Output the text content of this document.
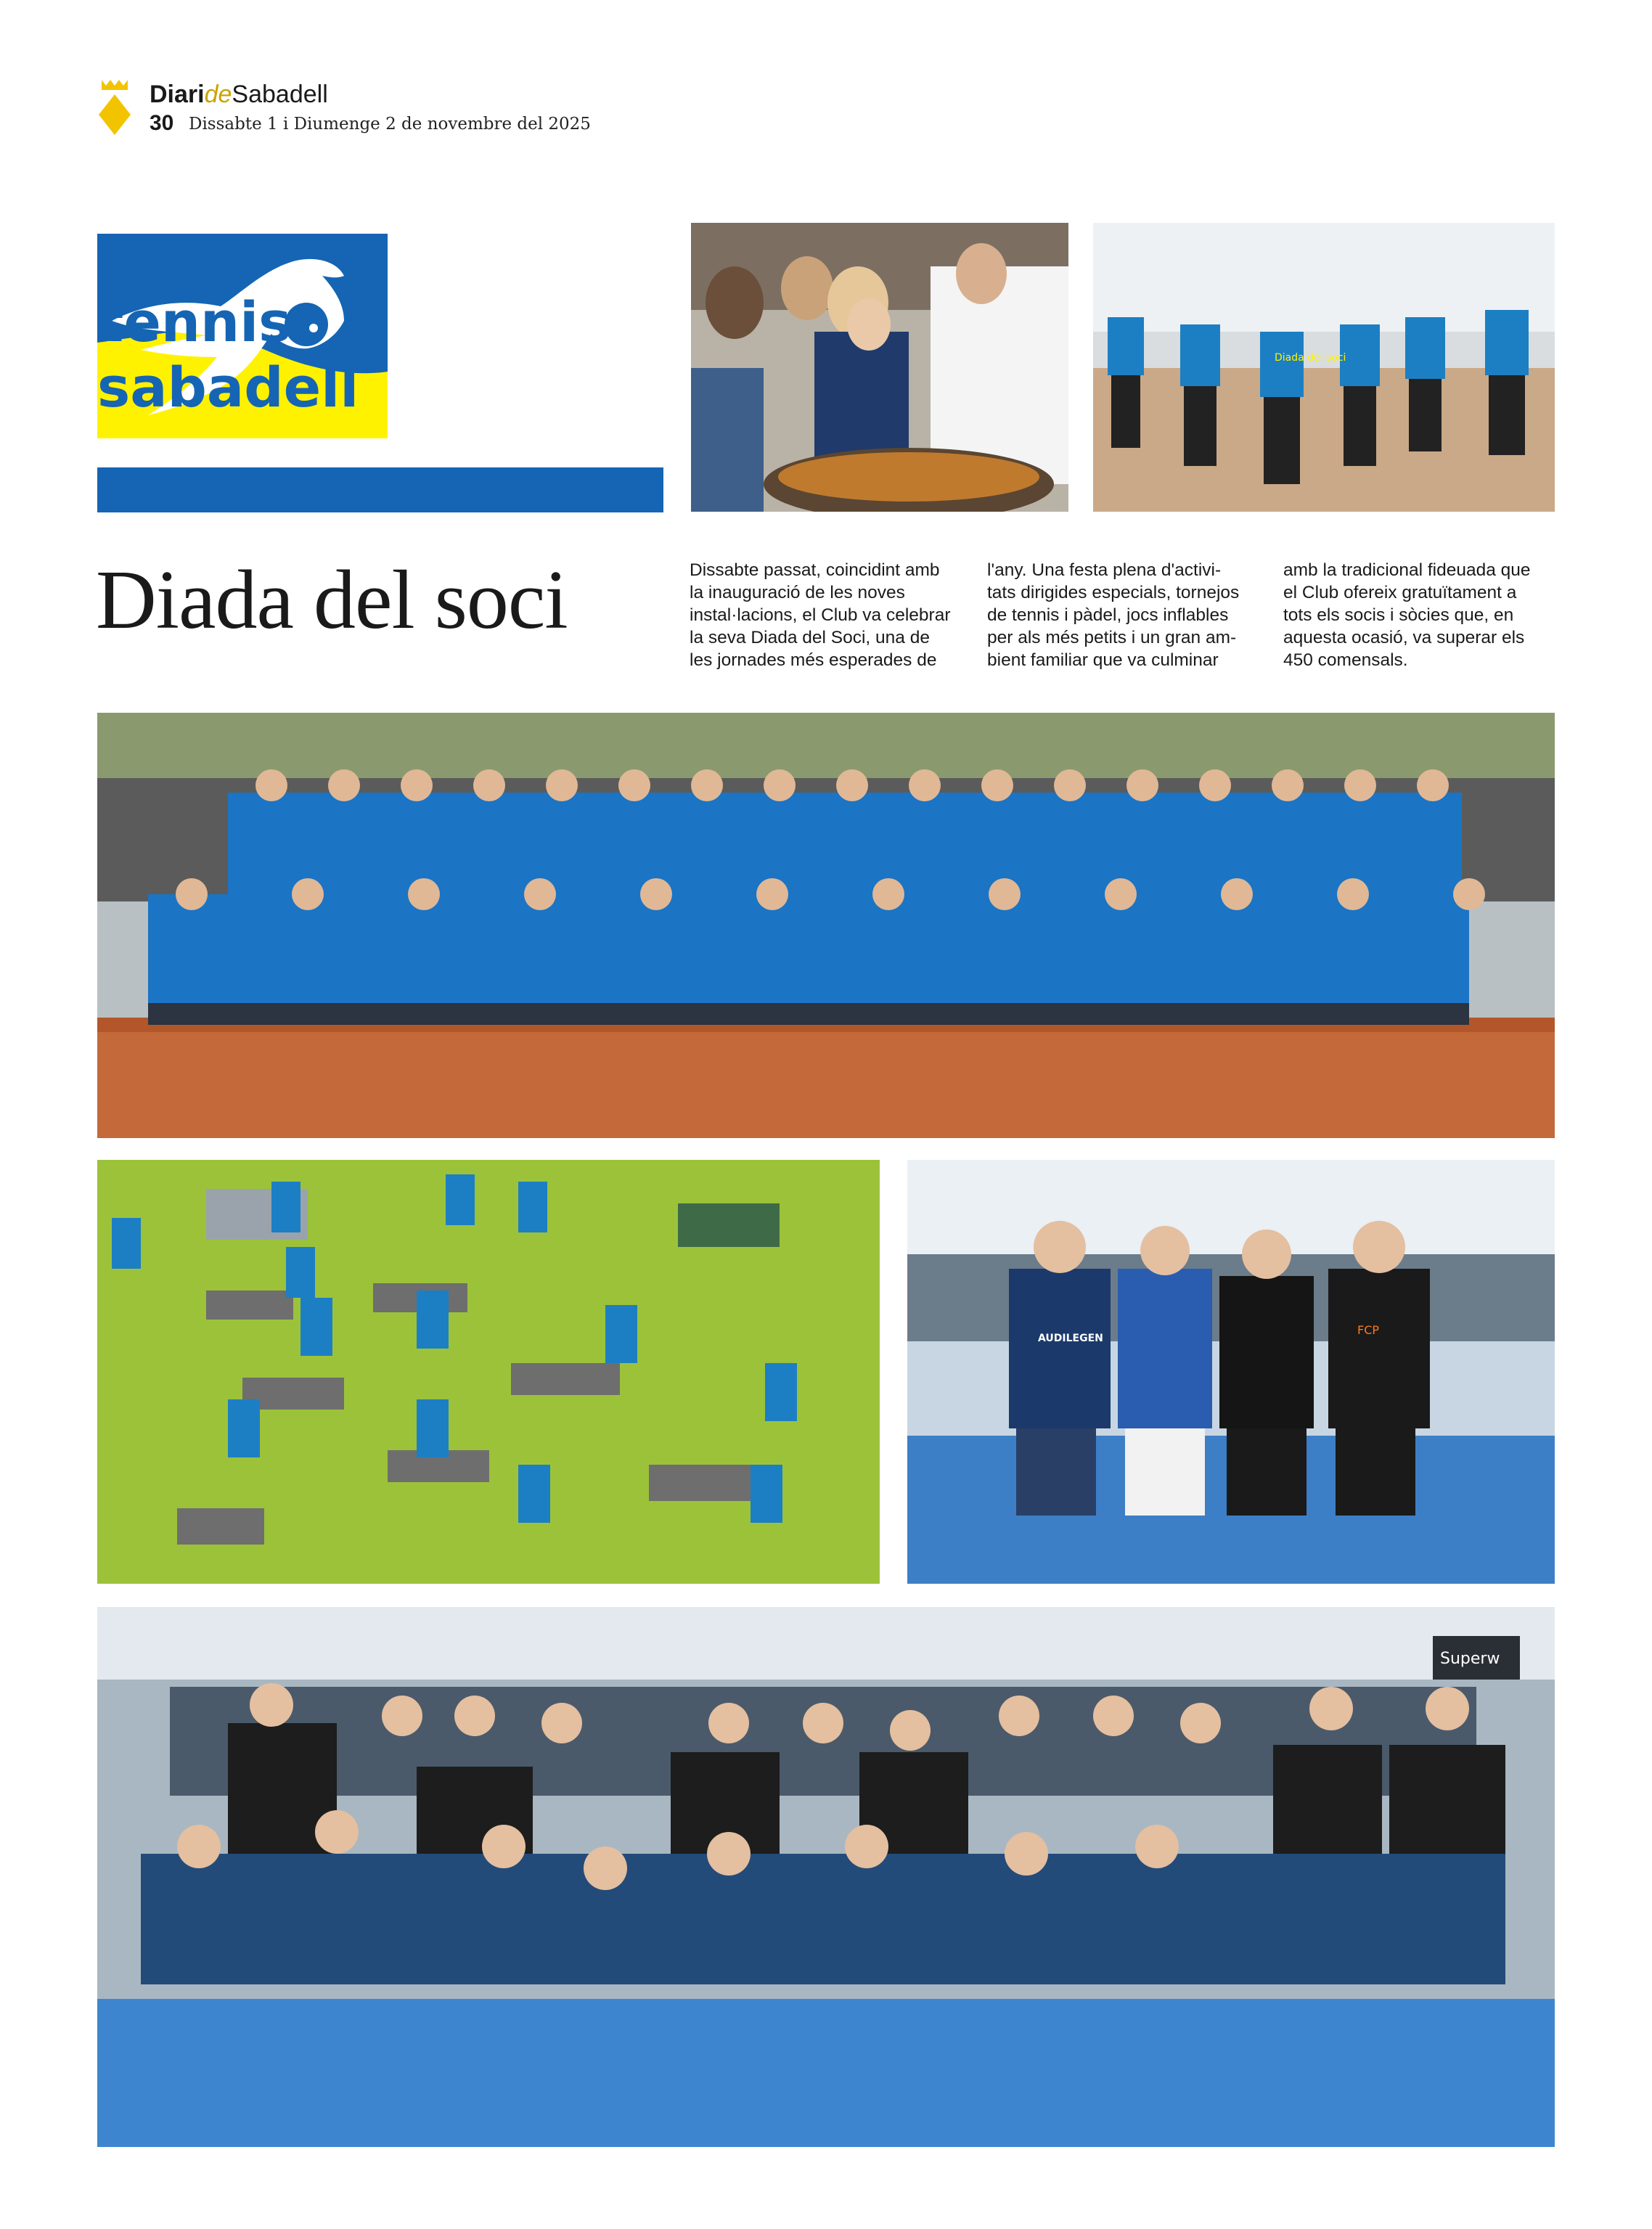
DiarideSabadell
30 Dissabte 1 i Diumenge 2 de novembre del 2025
club
tennis
sabadell
Diada del soci	Dissabte passat, coincidint amb

la inauguració de les noves

instal·lacions, el Club va celebrar

la seva Diada del Soci, una de

les jornades més esperades de

l'any. Una festa plena d'activi-

tats dirigides especials, tornejos

de tennis i pàdel, jocs inflables

per als més petits i un gran am-

bient familiar que va culminar

amb la tradicional fideuada que

el Club ofereix gratuïtament a

tots els socis i sòcies que, en

aquesta ocasió, va superar els

450 comensals.

Diada del soci
AUDILEGEN
FCP
Superw
